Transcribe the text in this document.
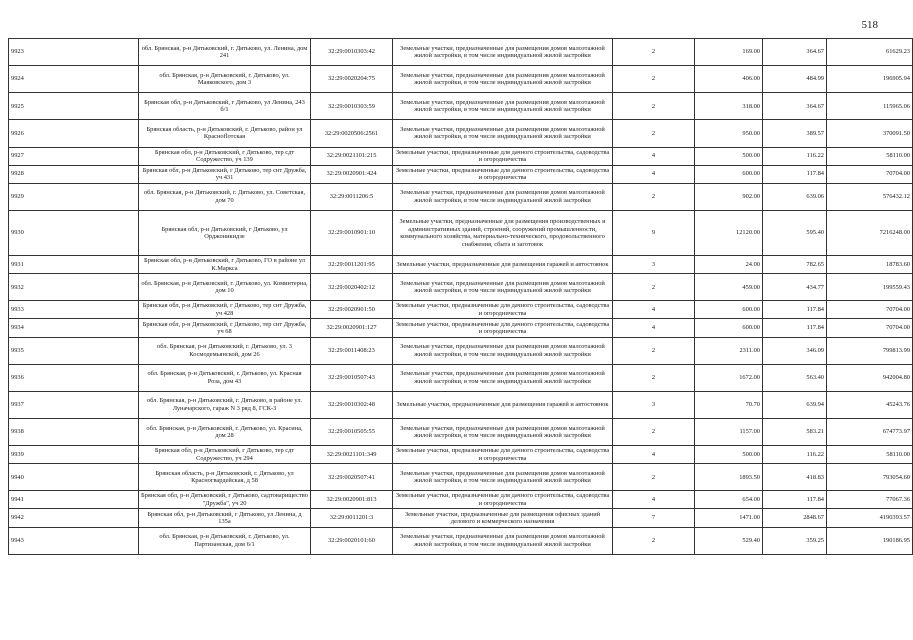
518
9923	обл. Брянская, р-н Дятьковский, г. Дятьково, ул. Ленина, дом 241	32:29:0010303:42	Земельные участки, предназначенные для размещения домов малоэтажной жилой застройки, в том числе индивидуальной жилой застройки	2	169.00	364.67	61629.23
9924	обл. Брянская, р-н Дятьковский, г. Дятьково, ул. Маяковского, дом 3	32:29:0020204:75	Земельные участки, предназначенные для размещения домов малоэтажной жилой застройки, в том числе индивидуальной жилой застройки	2	406.00	484.99	196905.94
9925	Брянская обл, р-н Дятьковский, г Дятьково, ул Ленина, 243 б/1	32:29:0010303:59	Земельные участки, предназначенные для размещения домов малоэтажной жилой застройки, в том числе индивидуальной жилой застройки	2	318.00	364.67	115965.06
9926	Брянская область, р-н Дятьковский, г. Дятьково, район ул Красноflотская	32:29:0020506:2561	Земельные участки, предназначенные для размещения домов малоэтажной жилой застройки, в том числе индивидуальной жилой застройки	2	950.00	389.57	370091.50
9927	Брянская обл, р-н Дятьковский, г Дятьково, тер сдт Содружество, уч 139	32:29:0021101:215	Земельные участки, предназначенные для дачного строительства, садоводства и огородничества	4	500.00	116.22	58110.00
9928	Брянская обл, р-н Дятьковский, г Дятьково, тер снт Дружба, уч 431	32:29:0020901:424	Земельные участки, предназначенные для дачного строительства, садоводства и огородничества	4	600.00	117.84	70704.00
9929	обл. Брянская, р-н Дятьковский, г. Дятьково, ул. Советская, дом 70	32:29:0011206:5	Земельные участки, предназначенные для размещения домов малоэтажной жилой застройки, в том числе индивидуальной жилой застройки	2	902.00	639.06	576432.12
9930	Брянская обл, р-н Дятьковский, г Дятьково, ул Орджоникидзе	32:29:0010901:10	Земельные участки, предназначенные для размещения производственных и административных зданий, строений, сооружений промышленности, коммунального хозяйства, материально-технического, продовольственного снабжения, сбыта и заготовок	9	12120.00	595.40	7216248.00
9931	Брянская обл, р-н Дятьковский, г Дятьково, ГО в районе ул К.Маркса	32:29:0011201:95	Земельные участки, предназначенные для размещения гаражей и автостоянок	3	24.00	782.65	18783.60
9932	обл. Брянская, р-н Дятьковский, г. Дятьково, ул. Коминтерна, дом 10	32:29:0020402:12	Земельные участки, предназначенные для размещения домов малоэтажной жилой застройки, в том числе индивидуальной жилой застройки	2	459.00	434.77	199559.43
9933	Брянская обл, р-н Дятьковский, г Дятьково, тер снт Дружба, уч 428	32:29:0020901:50	Земельные участки, предназначенные для дачного строительства, садоводства и огородничества	4	600.00	117.84	70704.00
9934	Брянская обл, р-н Дятьковский, г Дятьково, тер снт Дружба, уч 68	32:29:0020901:127	Земельные участки, предназначенные для дачного строительства, садоводства и огородничества	4	600.00	117.84	70704.00
9935	обл. Брянская, р-н Дятьковский, г. Дятьково, ул. 3 Космодемьянской, дом 26	32:29:0011408:23	Земельные участки, предназначенные для размещения домов малоэтажной жилой застройки, в том числе индивидуальной жилой застройки	2	2311.00	346.09	799813.99
9936	обл. Брянская, р-н Дятьковский, г. Дятьково, ул. Красная Роза, дом 43	32:29:0010507:43	Земельные участки, предназначенные для размещения домов малоэтажной жилой застройки, в том числе индивидуальной жилой застройки	2	1672.00	563.40	942004.80
9937	обл. Брянская, р-н Дятьковский, г. Дятьково, в районе ул. Луначарского, гараж N 3 ряд 8, ГСК-3	32:29:0010302:48	Земельные участки, предназначенные для размещения гаражей и автостоянок	3	70.70	639.94	45243.76
9938	обл. Брянская, р-н Дятьковский, г. Дятьково, ул. Красина, дом 28	32:29:0010505:55	Земельные участки, предназначенные для размещения домов малоэтажной жилой застройки, в том числе индивидуальной жилой застройки	2	1157.00	583.21	674773.97
9939	Брянская обл, р-н Дятьковский, г Дятьково, тер сдт Содружество, уч 294	32:29:0021101:349	Земельные участки, предназначенные для дачного строительства, садоводства и огородничества	4	500.00	116.22	58110.00
9940	Брянская область, р-н Дятьковский, г. Дятьково, ул Красногвардейская, д 58	32:29:0020507:41	Земельные участки, предназначенные для размещения домов малоэтажной жилой застройки, в том числе индивидуальной жилой застройки	2	1893.50	418.83	793054.60
9941	Брянская обл, р-н Дятьковский, г Дятьково, садтоварищество "Дружба", уч 20	32:29:0020901:813	Земельные участки, предназначенные для дачного строительства, садоводства и огородничества	4	654.00	117.84	77067.36
9942	Брянская обл, р-н Дятьковский, г Дятьково, ул Ленина, д 135а	32:29:0011201:3	Земельные участки, предназначенные для размещения офисных зданий делового и коммерческого назначения	7	1471.00	2848.67	4190393.57
9943	обл. Брянская, р-н Дятьковский, г. Дятьково, ул. Партизанская, дом 6/1	32:29:0020101:60	Земельные участки, предназначенные для размещения домов малоэтажной жилой застройки, в том числе индивидуальной жилой застройки	2	529.40	359.25	190186.95
